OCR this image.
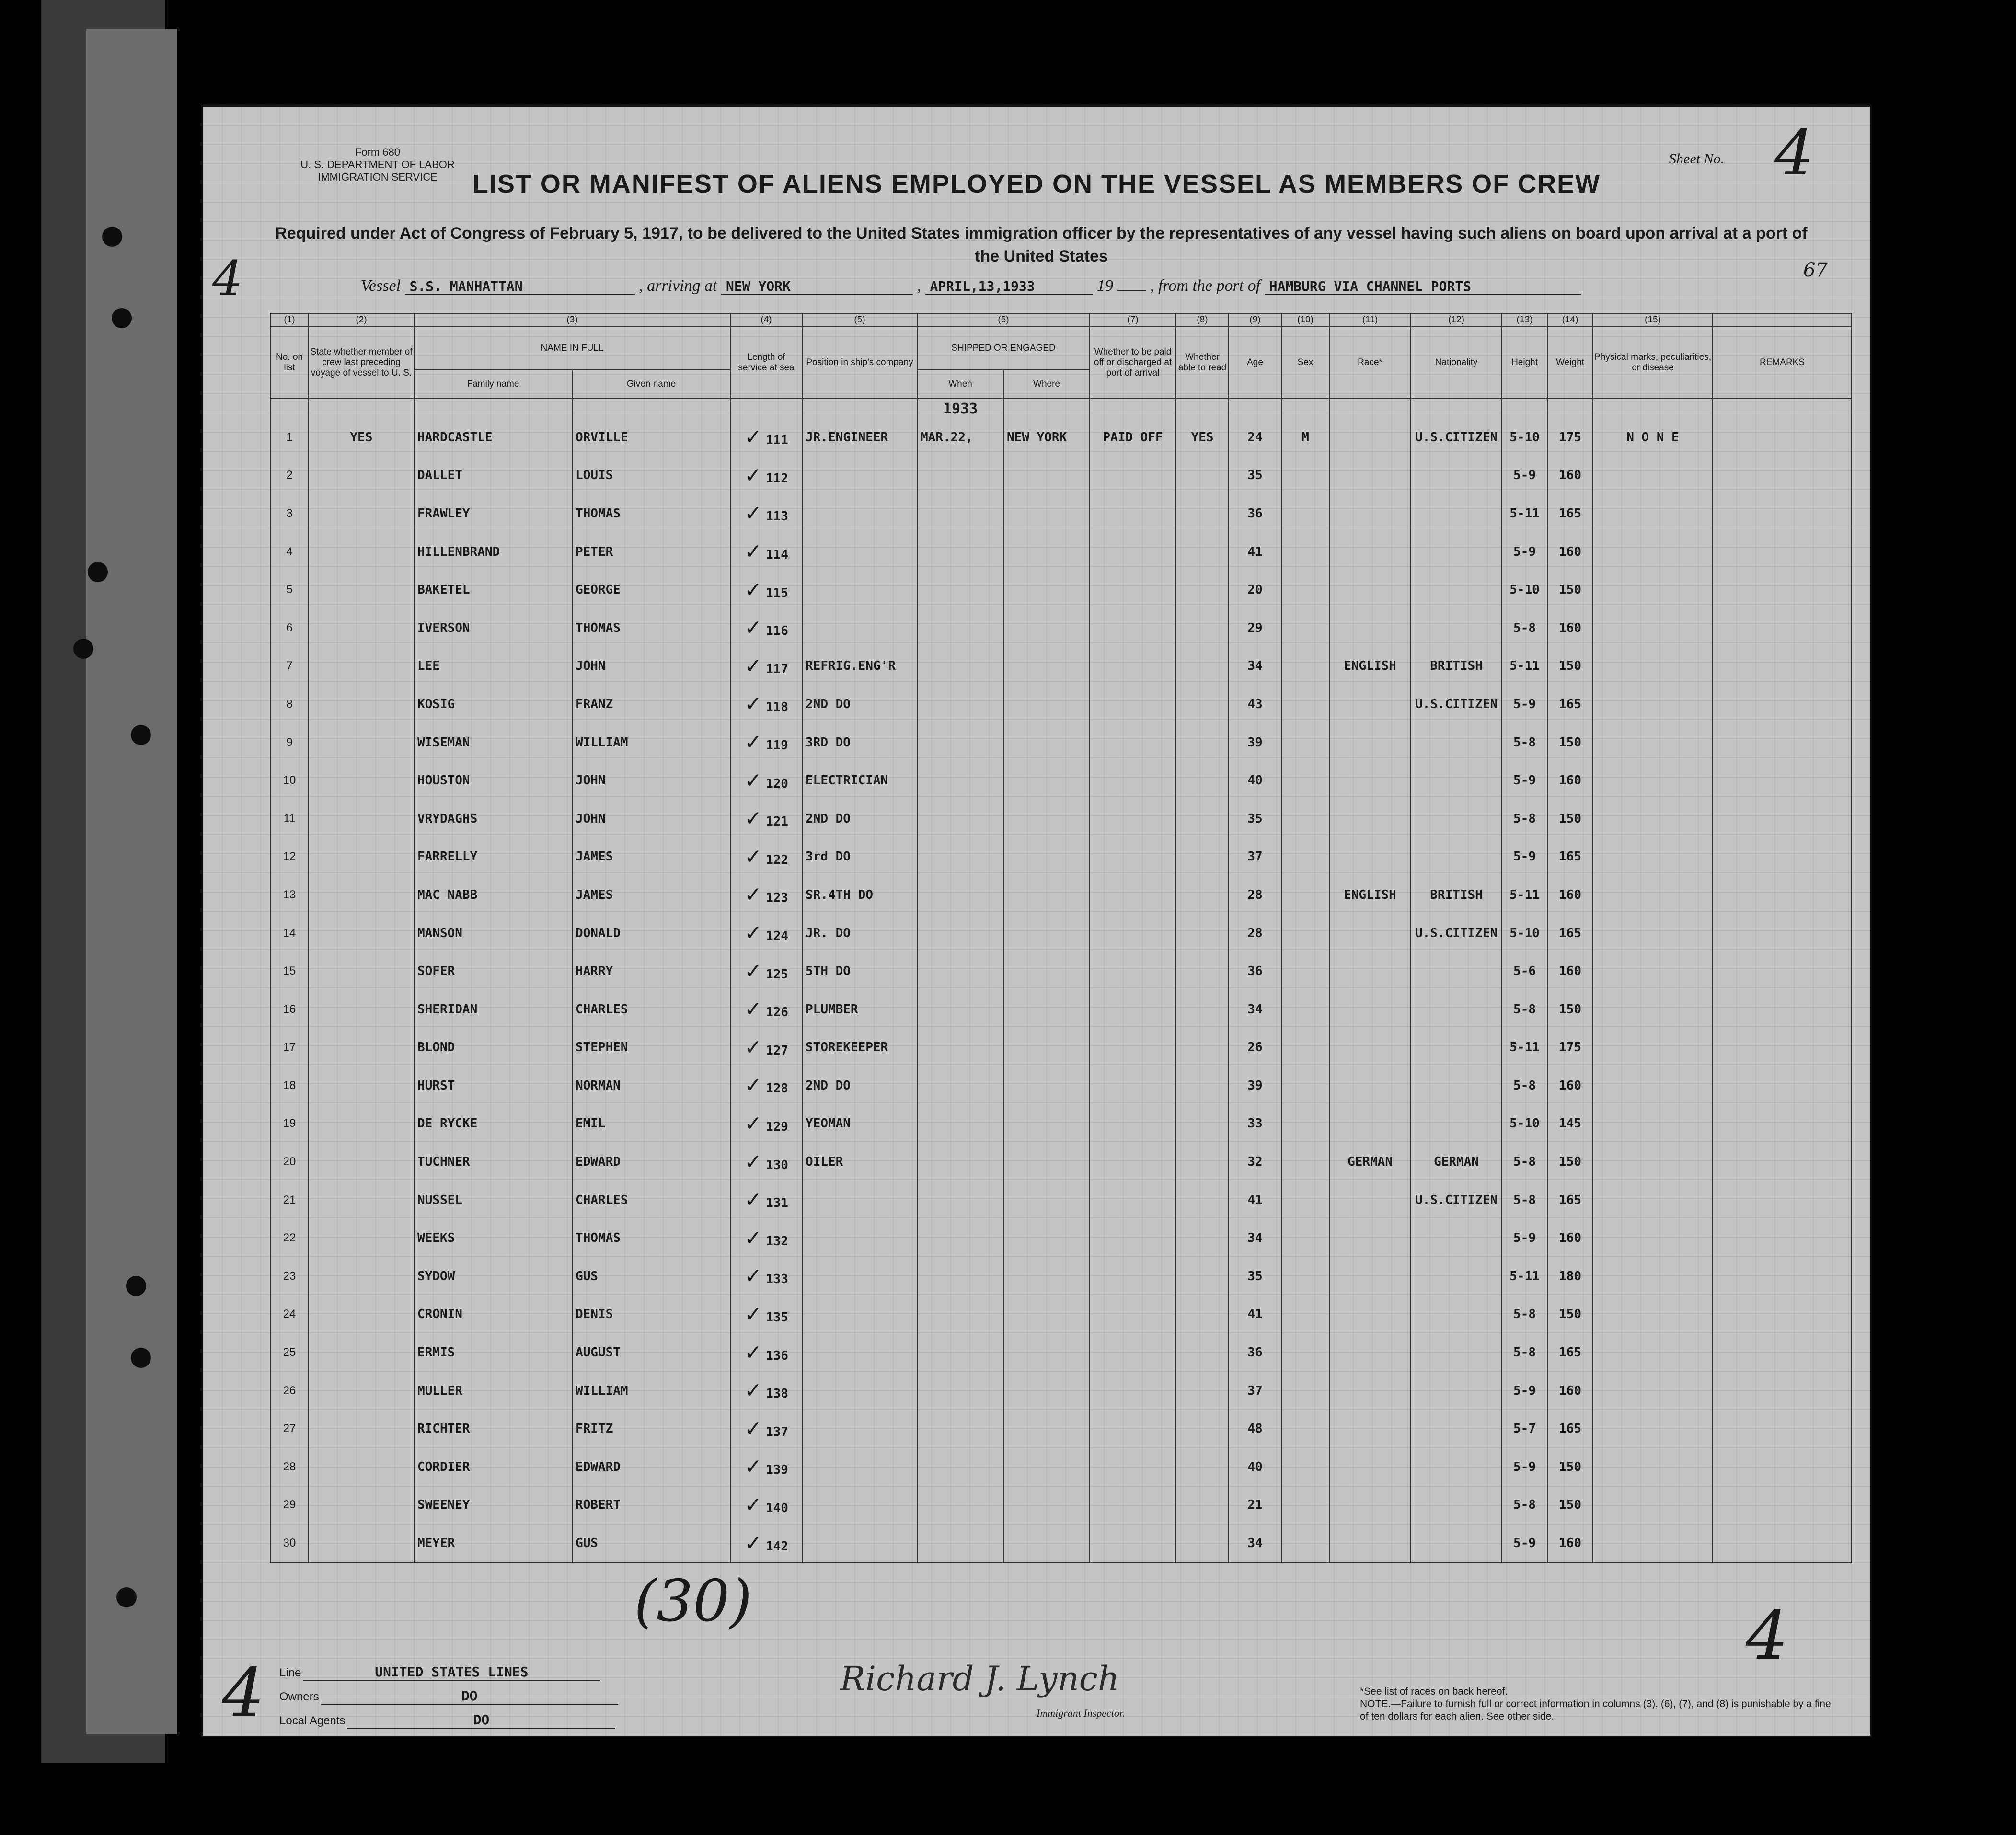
Form 680
U. S. DEPARTMENT OF LABOR
IMMIGRATION SERVICE
Sheet No. 4
LIST OR MANIFEST OF ALIENS EMPLOYED ON THE VESSEL AS MEMBERS OF CREW
Required under Act of Congress of February 5, 1917, to be delivered to the United States immigration officer by the representatives of any vessel having such aliens on board upon arrival at a port of the United States
4	67
Vessel S.S. MANHATTAN	, arriving at NEW YORK	, APRIL,13,1933	19 , from the port of HAMBURG VIA CHANNEL PORTS
(1)	(2)	(3)		(4)	(5)	(6)		(7)	(8)	(9)	(10)	(11)	(12)	(13)	(14)	(15)	
No. on list	State whether member of crew last preceding voyage of vessel to U. S.	NAME IN FULL		Length of service at sea	Position in ship's company	SHIPPED OR ENGAGED		Whether to be paid off or discharged at port of arrival	Whether able to read	Age	Sex	Race*	Nationality	Height	Weight	Physical marks, peculiarities, or disease	REMARKS
		Family name	Given name			When	Where										
						1933											
1	YES	HARDCASTLE	ORVILLE	✓ 111	JR.ENGINEER	MAR.22,	NEW YORK	PAID OFF	YES	24	M		U.S.CITIZEN	5-10	175	N O N E	
2		DALLET	LOUIS	✓ 112						35				5-9	160		
3		FRAWLEY	THOMAS	✓ 113						36				5-11	165		
4		HILLENBRAND	PETER	✓ 114						41				5-9	160		
5		BAKETEL	GEORGE	✓ 115						20				5-10	150		
6		IVERSON	THOMAS	✓ 116						29				5-8	160		
7		LEE	JOHN	✓ 117	REFRIG.ENG'R					34		ENGLISH	BRITISH	5-11	150		
8		KOSIG	FRANZ	✓ 118	2ND DO					43			U.S.CITIZEN	5-9	165		
9		WISEMAN	WILLIAM	✓ 119	3RD DO					39				5-8	150		
10		HOUSTON	JOHN	✓ 120	ELECTRICIAN					40				5-9	160		
11		VRYDAGHS	JOHN	✓ 121	2ND DO					35				5-8	150		
12		FARRELLY	JAMES	✓ 122	3rd DO					37				5-9	165		
13		MAC NABB	JAMES	✓ 123	SR.4TH DO					28		ENGLISH	BRITISH	5-11	160		
14		MANSON	DONALD	✓ 124	JR. DO					28			U.S.CITIZEN	5-10	165		
15		SOFER	HARRY	✓ 125	5TH DO					36				5-6	160		
16		SHERIDAN	CHARLES	✓ 126	PLUMBER					34				5-8	150		
17		BLOND	STEPHEN	✓ 127	STOREKEEPER					26				5-11	175		
18		HURST	NORMAN	✓ 128	2ND DO					39				5-8	160		
19		DE RYCKE	EMIL	✓ 129	YEOMAN					33				5-10	145		
20		TUCHNER	EDWARD	✓ 130	OILER					32		GERMAN	GERMAN	5-8	150		
21		NUSSEL	CHARLES	✓ 131						41			U.S.CITIZEN	5-8	165		
22		WEEKS	THOMAS	✓ 132						34				5-9	160		
23		SYDOW	GUS	✓ 133						35				5-11	180		
24		CRONIN	DENIS	✓ 135						41				5-8	150		
25		ERMIS	AUGUST	✓ 136						36				5-8	165		
26		MULLER	WILLIAM	✓ 138						37				5-9	160		
27		RICHTER	FRITZ	✓ 137						48				5-7	165		
28		CORDIER	EDWARD	✓ 139						40				5-9	150		
29		SWEENEY	ROBERT	✓ 140						21				5-8	150		
30		MEYER	GUS	✓ 142						34				5-9	160		
(30)
4
4
Line	UNITED STATES LINES
Owners	DO
Local Agents	DO
Richard J. Lynch
Immigrant Inspector.
*See list of races on back hereof.
NOTE.—Failure to furnish full or correct information in columns (3), (6), (7), and (8) is punishable by a fine of ten dollars for each alien. See other side.
